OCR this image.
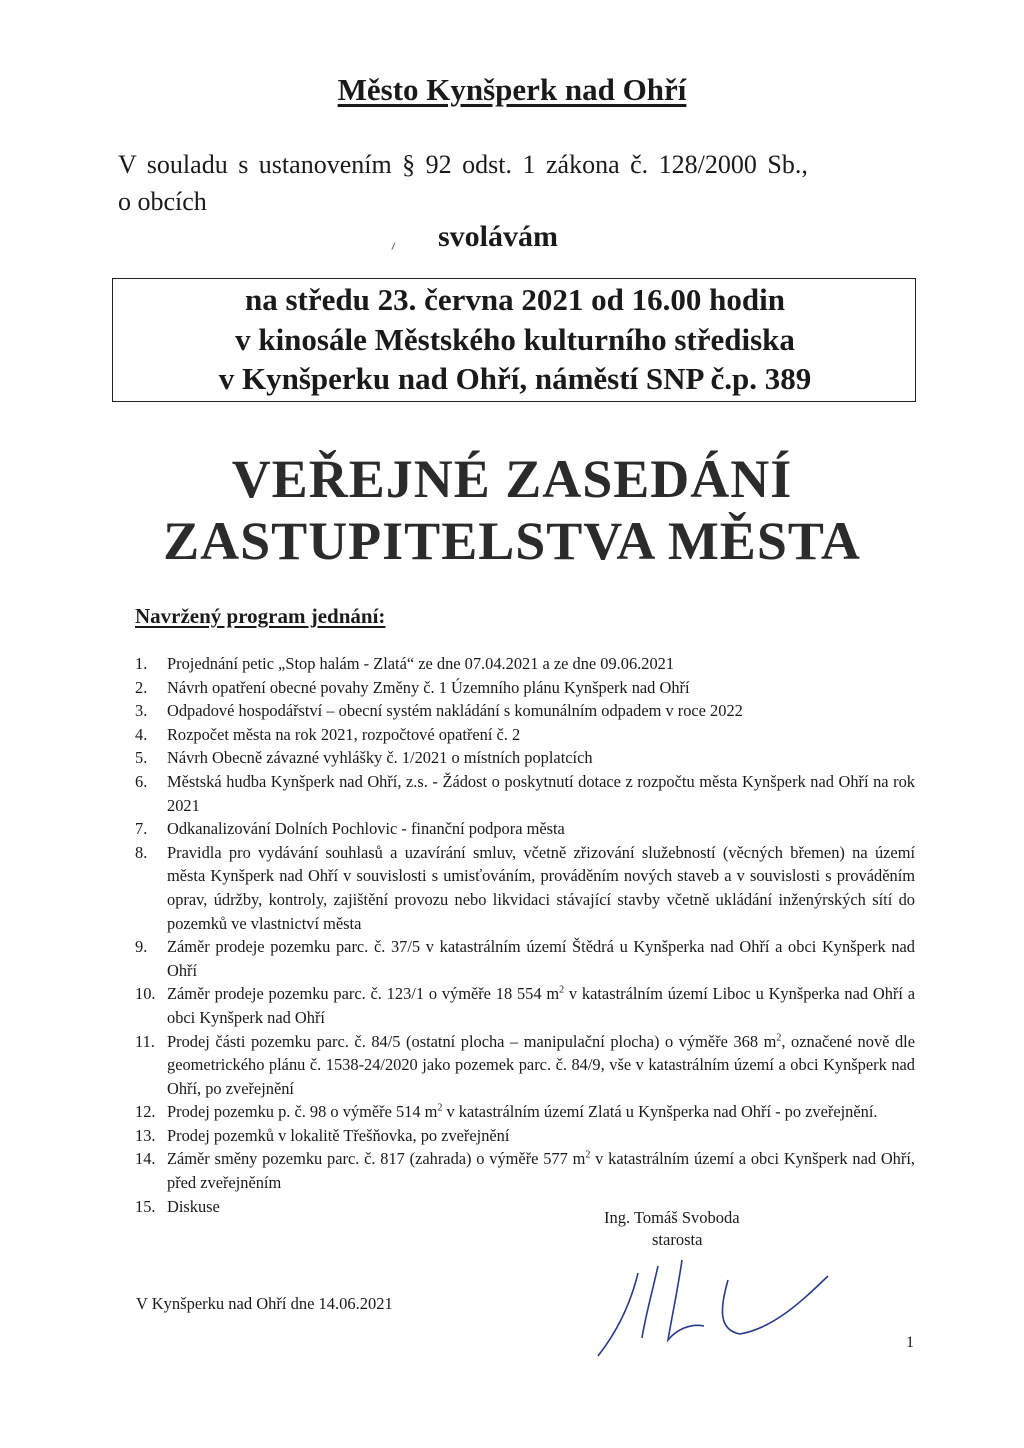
Město Kynšperk nad Ohří
V souladu s ustanovením § 92 odst. 1 zákona č. 128/2000 Sb.,
o obcích
⸝ svolávám
na středu 23. června 2021 od 16.00 hodin
v kinosále Městského kulturního střediska
v Kynšperku nad Ohří, náměstí SNP č.p. 389
VEŘEJNÉ ZASEDÁNÍ
ZASTUPITELSTVA MĚSTA
Navržený program jednání:
1. Projednání petic „Stop halám - Zlatá“ ze dne 07.04.2021 a ze dne 09.06.2021
2. Návrh opatření obecné povahy Změny č. 1 Územního plánu Kynšperk nad Ohří
3. Odpadové hospodářství – obecní systém nakládání s komunálním odpadem v roce 2022
4. Rozpočet města na rok 2021, rozpočtové opatření č. 2
5. Návrh Obecně závazné vyhlášky č. 1/2021 o místních poplatcích
6. Městská hudba Kynšperk nad Ohří, z.s. - Žádost o poskytnutí dotace z rozpočtu města Kynšperk nad Ohří na rok 2021
7. Odkanalizování Dolních Pochlovic - finanční podpora města
8. Pravidla pro vydávání souhlasů a uzavírání smluv, včetně zřizování služebností (věcných břemen) na území města Kynšperk nad Ohří v souvislosti s umisťováním, prováděním nových staveb a v souvislosti s prováděním oprav, údržby, kontroly, zajištění provozu nebo likvidaci stávající stavby včetně ukládání inženýrských sítí do pozemků ve vlastnictví města
9. Záměr prodeje pozemku parc. č. 37/5 v katastrálním území Štědrá u Kynšperka nad Ohří a obci Kynšperk nad Ohří
10. Záměr prodeje pozemku parc. č. 123/1 o výměře 18 554 $m^2$ v katastrálním území Liboc u Kynšperka nad Ohří a obci Kynšperk nad Ohří
11. Prodej části pozemku parc. č. 84/5 (ostatní plocha – manipulační plocha) o výměře 368 $m^2$, označené nově dle geometrického plánu č. 1538-24/2020 jako pozemek parc. č. 84/9, vše v katastrálním území a obci Kynšperk nad Ohří, po zveřejnění
12. Prodej pozemku p. č. 98 o výměře 514 $m^2$ v katastrálním území Zlatá u Kynšperka nad Ohří - po zveřejnění.
13. Prodej pozemků v lokalitě Třešňovka, po zveřejnění
14. Záměr směny pozemku parc. č. 817 (zahrada) o výměře 577 $m^2$ v katastrálním území a obci Kynšperk nad Ohří, před zveřejněním
15. Diskuse
Ing. Tomáš Svoboda
starosta
V Kynšperku nad Ohří dne 14.06.2021
1
